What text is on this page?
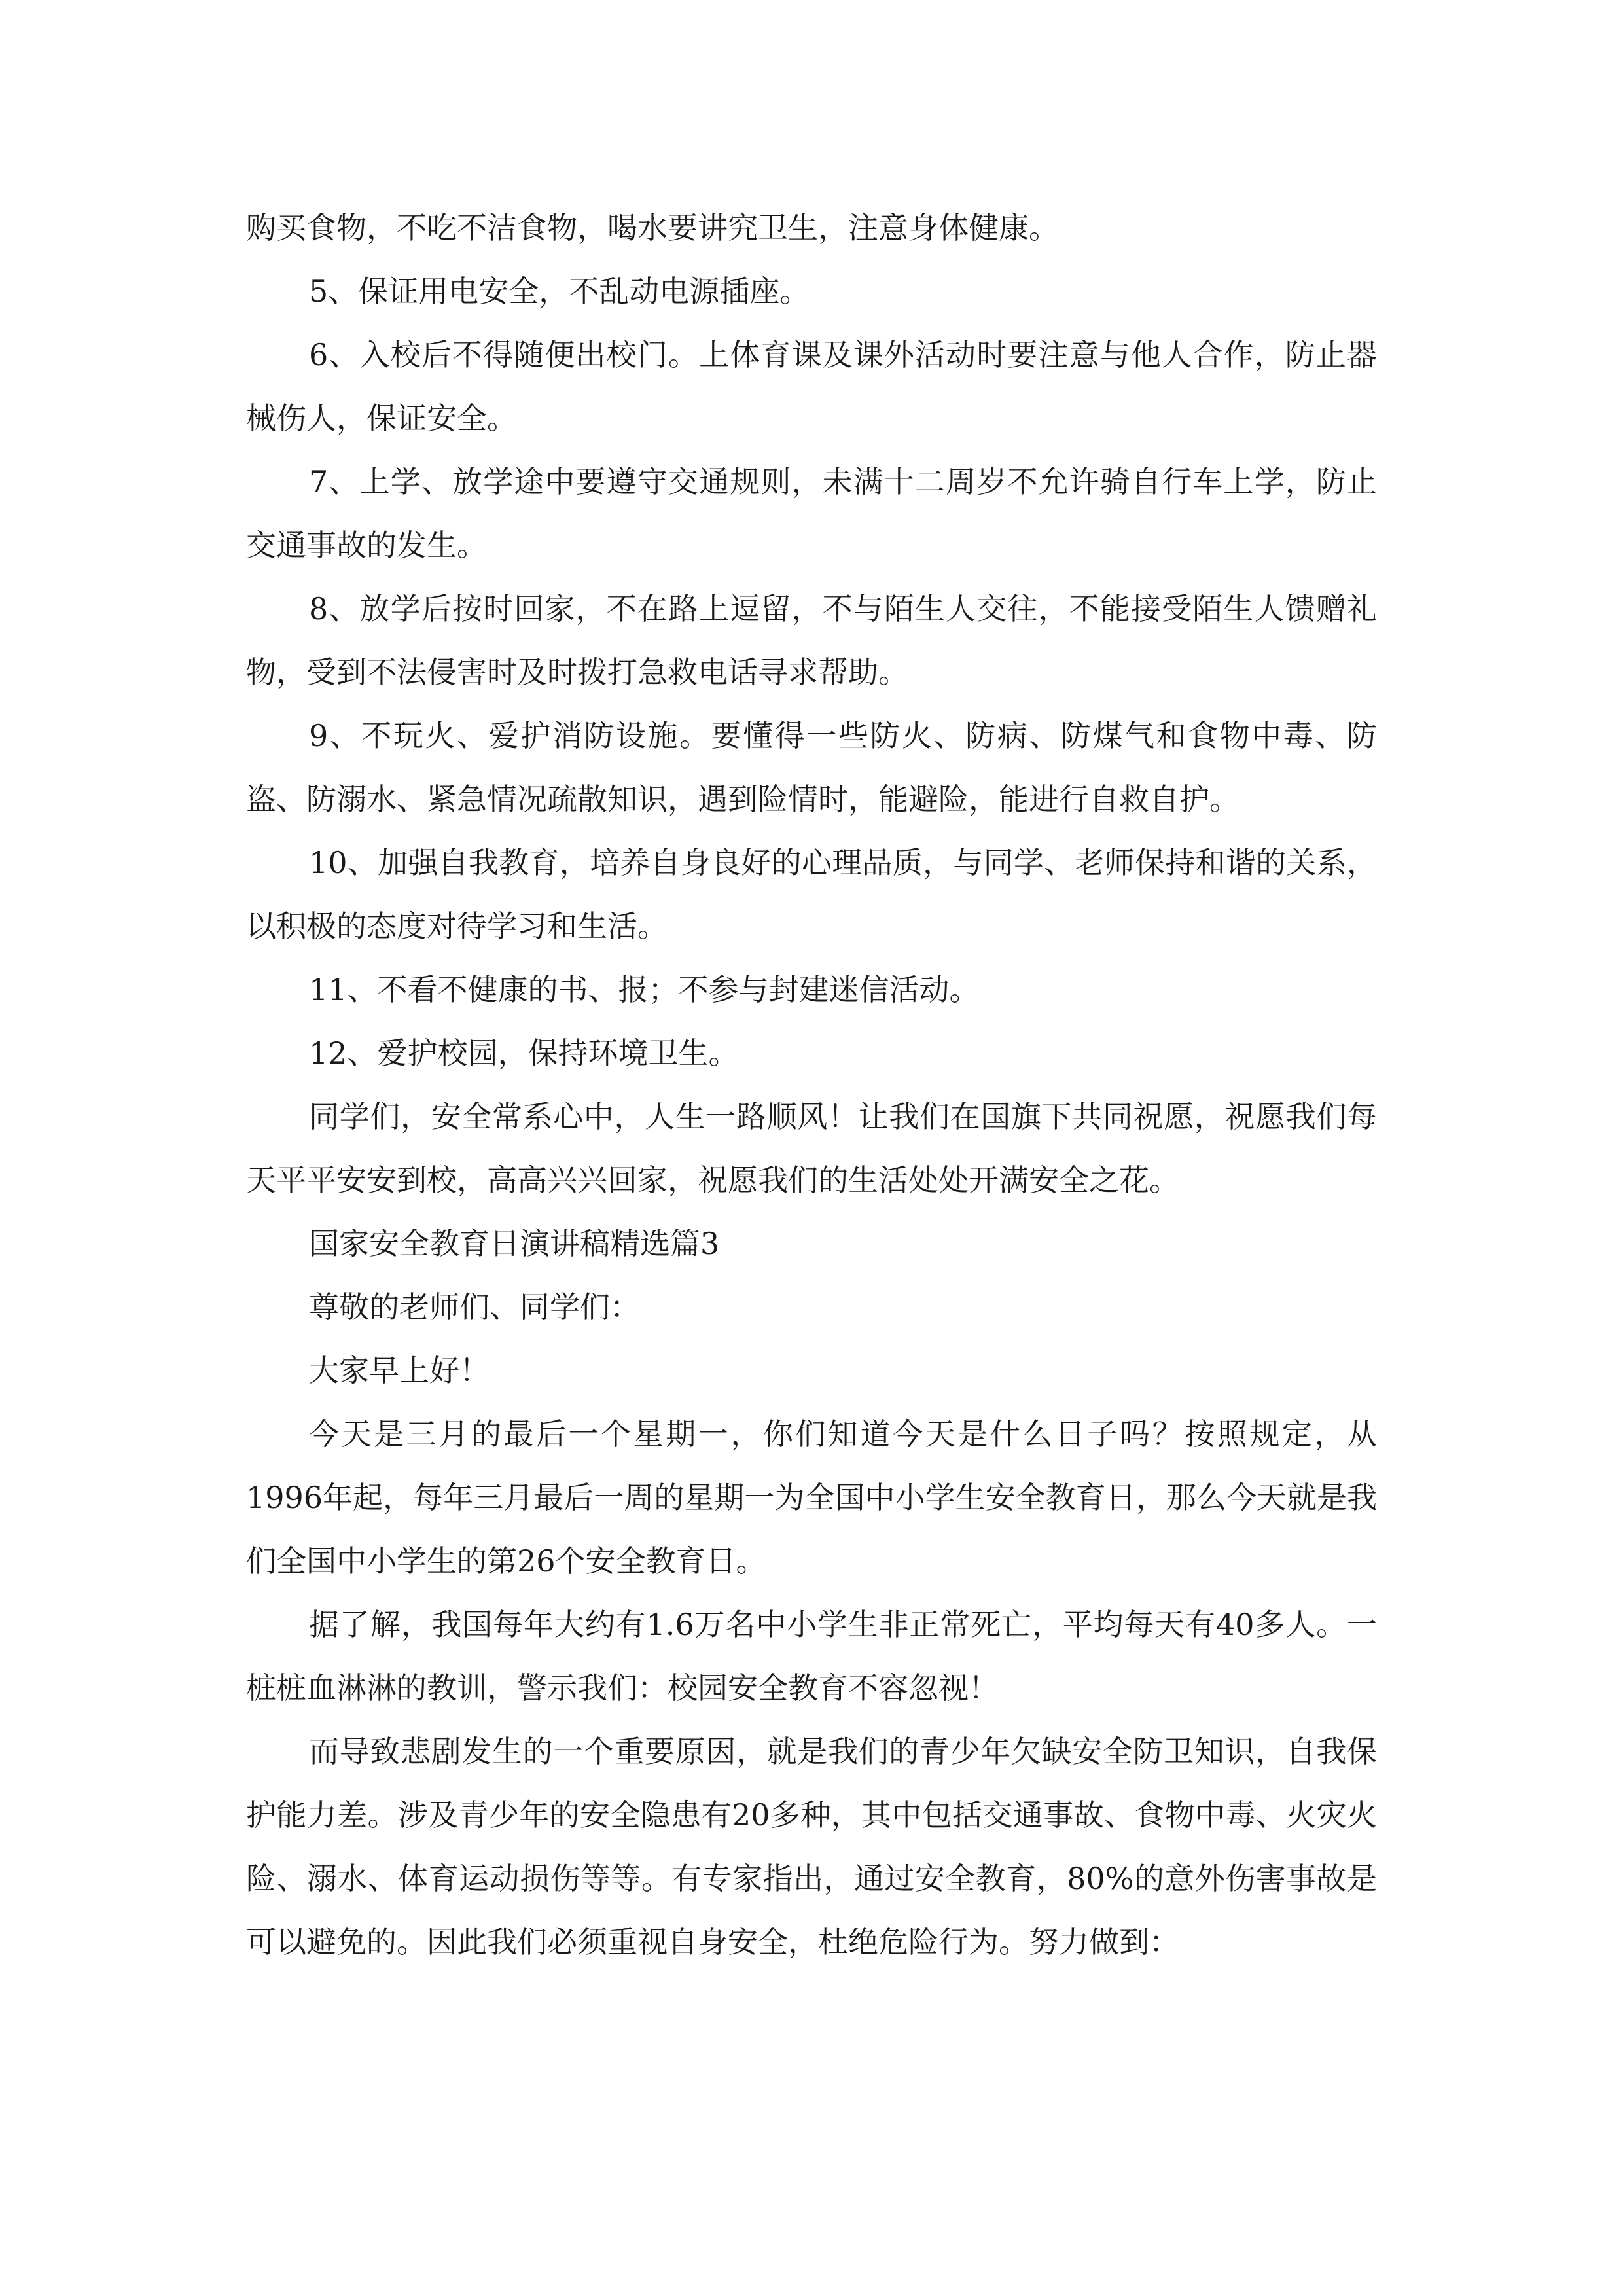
购买食物，不吃不洁食物，喝水要讲究卫生，注意身体健康。

5、保证用电安全，不乱动电源插座。

6、入校后不得随便出校门。上体育课及课外活动时要注意与他人合作，防止器械伤人，保证安全。

7、上学、放学途中要遵守交通规则，未满十二周岁不允许骑自行车上学，防止交通事故的发生。

8、放学后按时回家，不在路上逗留，不与陌生人交往，不能接受陌生人馈赠礼物，受到不法侵害时及时拨打急救电话寻求帮助。

9、不玩火、爱护消防设施。要懂得一些防火、防病、防煤气和食物中毒、防盗、防溺水、紧急情况疏散知识，遇到险情时，能避险，能进行自救自护。

10、加强自我教育，培养自身良好的心理品质，与同学、老师保持和谐的关系，以积极的态度对待学习和生活。

11、不看不健康的书、报；不参与封建迷信活动。

12、爱护校园，保持环境卫生。

同学们，安全常系心中，人生一路顺风！让我们在国旗下共同祝愿，祝愿我们每天平平安安到校，高高兴兴回家，祝愿我们的生活处处开满安全之花。

国家安全教育日演讲稿精选篇3

尊敬的老师们、同学们：

大家早上好！

今天是三月的最后一个星期一，你们知道今天是什么日子吗？按照规定，从1996年起，每年三月最后一周的星期一为全国中小学生安全教育日，那么今天就是我们全国中小学生的第26个安全教育日。

据了解，我国每年大约有1.6万名中小学生非正常死亡，平均每天有40多人。一桩桩血淋淋的教训，警示我们：校园安全教育不容忽视！

而导致悲剧发生的一个重要原因，就是我们的青少年欠缺安全防卫知识，自我保护能力差。涉及青少年的安全隐患有20多种，其中包括交通事故、食物中毒、火灾火险、溺水、体育运动损伤等等。有专家指出，通过安全教育，80%的意外伤害事故是可以避免的。因此我们必须重视自身安全，杜绝危险行为。努力做到：
